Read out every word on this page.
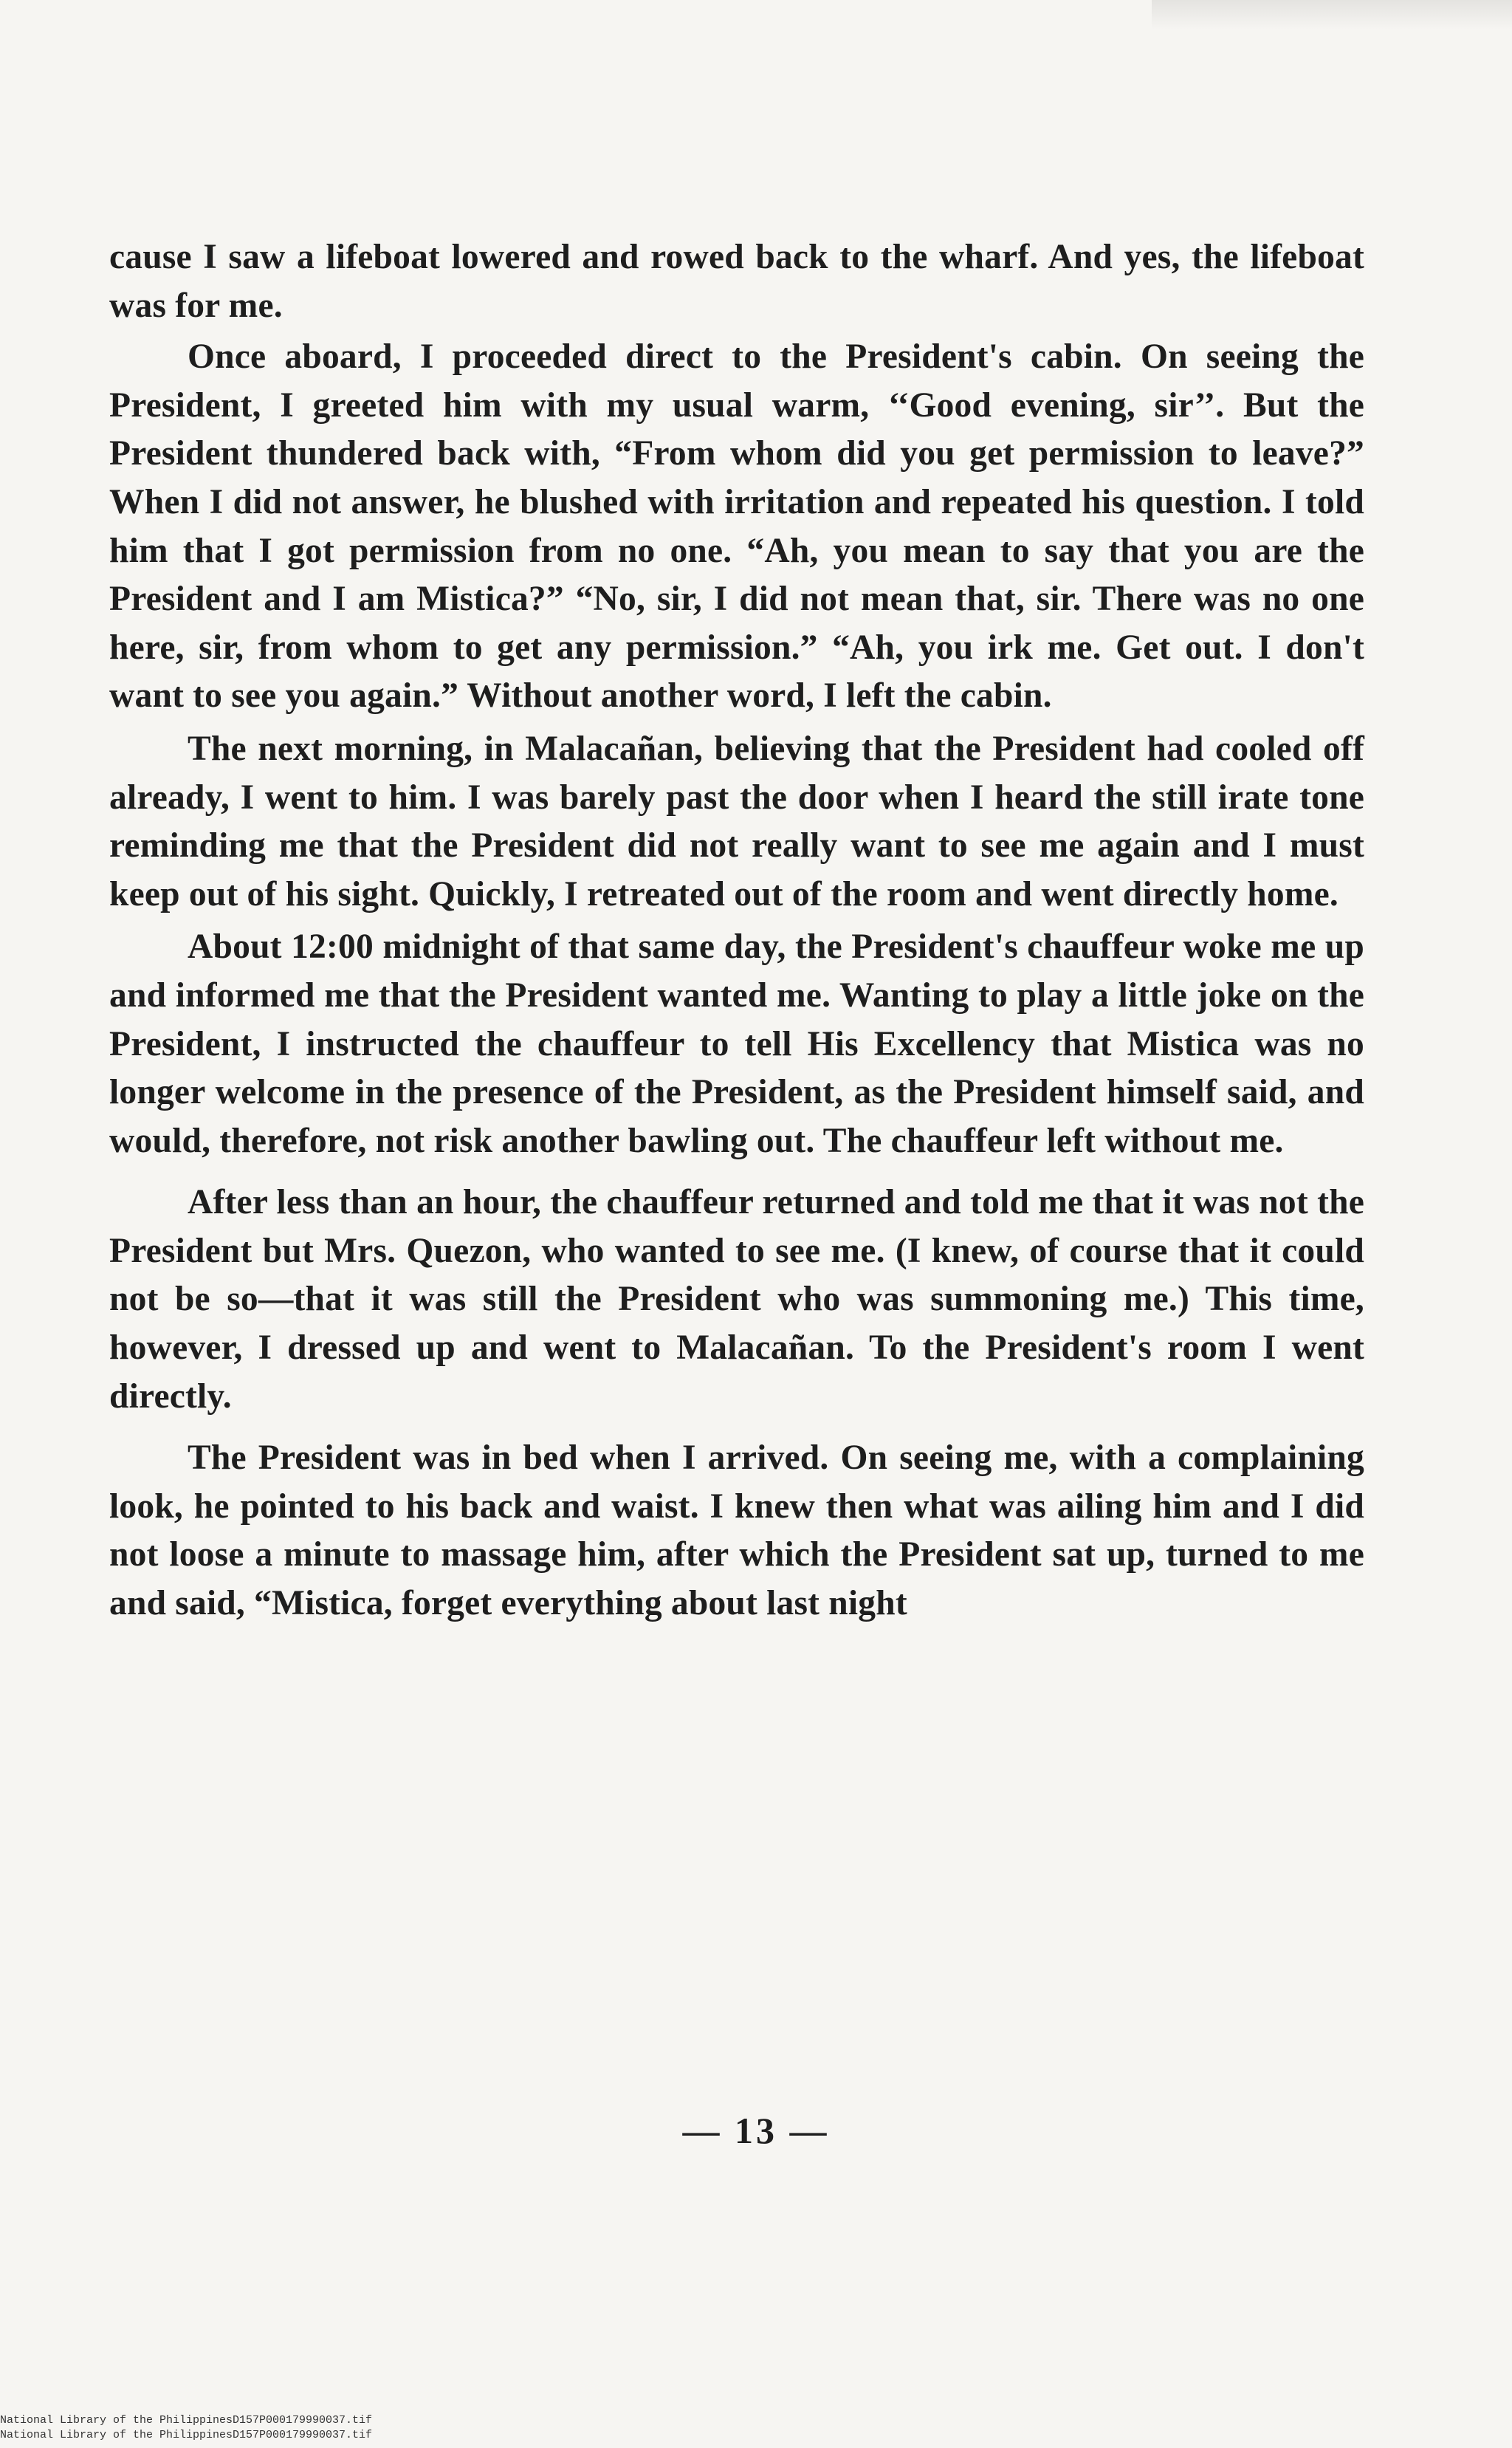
cause I saw a lifeboat lowered and rowed back to the wharf. And yes, the lifeboat was for me.

Once aboard, I proceeded direct to the President's cabin. On seeing the President, I greeted him with my usual warm, ‘‘Good evening, sir’’. But the President thundered back with, “From whom did you get permission to leave?” When I did not answer, he blushed with irritation and repeated his question. I told him that I got permission from no one. “Ah, you mean to say that you are the President and I am Mistica?” “No, sir, I did not mean that, sir. There was no one here, sir, from whom to get any permission.” “Ah, you irk me. Get out. I don't want to see you again.” Without another word, I left the cabin.

The next morning, in Malacañan, believing that the President had cooled off already, I went to him. I was barely past the door when I heard the still irate tone reminding me that the President did not really want to see me again and I must keep out of his sight. Quickly, I retreated out of the room and went directly home.

About 12:00 midnight of that same day, the President's chauffeur woke me up and informed me that the President wanted me. Wanting to play a little joke on the President, I instructed the chauffeur to tell His Excellency that Mistica was no longer welcome in the presence of the President, as the President himself said, and would, therefore, not risk another bawling out. The chauffeur left without me.

After less than an hour, the chauffeur returned and told me that it was not the President but Mrs. Quezon, who wanted to see me. (I knew, of course that it could not be so—that it was still the President who was summoning me.) This time, however, I dressed up and went to Malacañan. To the President's room I went directly.

The President was in bed when I arrived. On seeing me, with a complaining look, he pointed to his back and waist. I knew then what was ailing him and I did not loose a minute to massage him, after which the President sat up, turned to me and said, “Mistica, forget everything about last night

— 13 —
National Library of the PhilippinesD157P000179990037.tif
National Library of the PhilippinesD157P000179990037.tif
